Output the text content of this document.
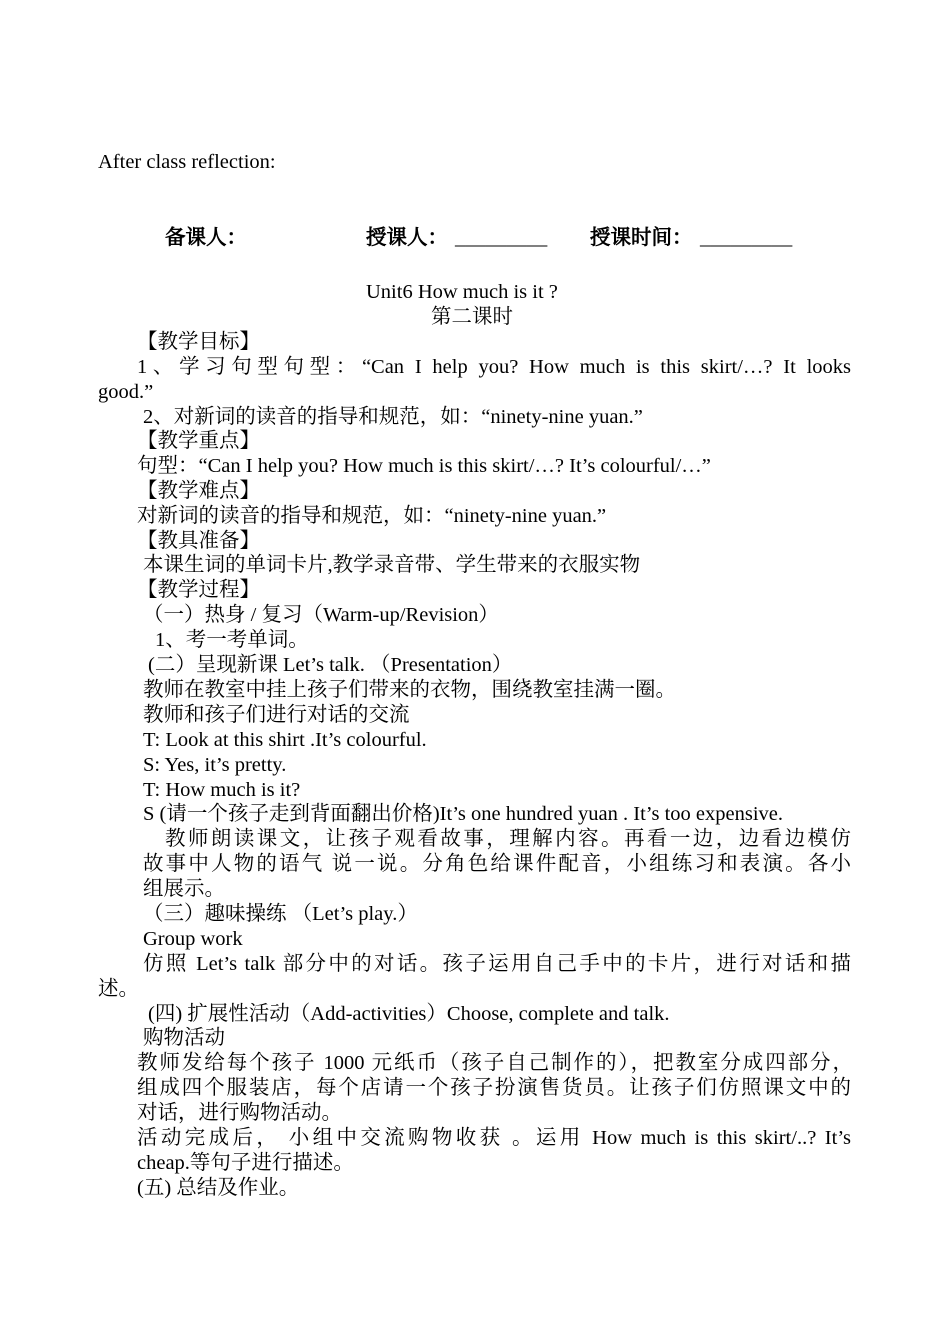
After class reflection:
备课人：	授课人： _________ 授课时间： _________
Unit6 How much is it ?
第二课时
【教学目标】
1、学习句型句型：“Can I help you? How much is this skirt/…? It looks
good.”
2、对新词的读音的指导和规范，如：“ninety-nine yuan.”
【教学重点】
句型：“Can I help you? How much is this skirt/…? It’s colourful/…”
【教学难点】
对新词的读音的指导和规范，如：“ninety-nine yuan.”
【教具准备】
本课生词的单词卡片,教学录音带、学生带来的衣服实物
【教学过程】
（一）热身 / 复习（Warm-up/Revision）
1、考一考单词。
(二）呈现新课 Let’s talk. （Presentation）
教师在教室中挂上孩子们带来的衣物，围绕教室挂满一圈。
教师和孩子们进行对话的交流
T: Look at this shirt .It’s colourful.
S: Yes, it’s pretty.
T: How much is it?
S (请一个孩子走到背面翻出价格)It’s one hundred yuan . It’s too expensive.
教师朗读课文，让孩子观看故事，理解内容。再看一边，边看边模仿
故事中人物的语气 说一说。分角色给课件配音，小组练习和表演。各小
组展示。
（三）趣味操练 （Let’s play.）
Group work
仿照 Let’s talk 部分中的对话。孩子运用自己手中的卡片，进行对话和描
述。
(四) 扩展性活动（Add-activities）Choose, complete and talk.
购物活动
教师发给每个孩子 1000 元纸币（孩子自己制作的），把教室分成四部分，
组成四个服装店，每个店请一个孩子扮演售货员。让孩子们仿照课文中的
对话，进行购物活动。
活动完成后， 小组中交流购物收获 。运用 How much is this skirt/..? It’s
cheap.等句子进行描述。
(五) 总结及作业。
